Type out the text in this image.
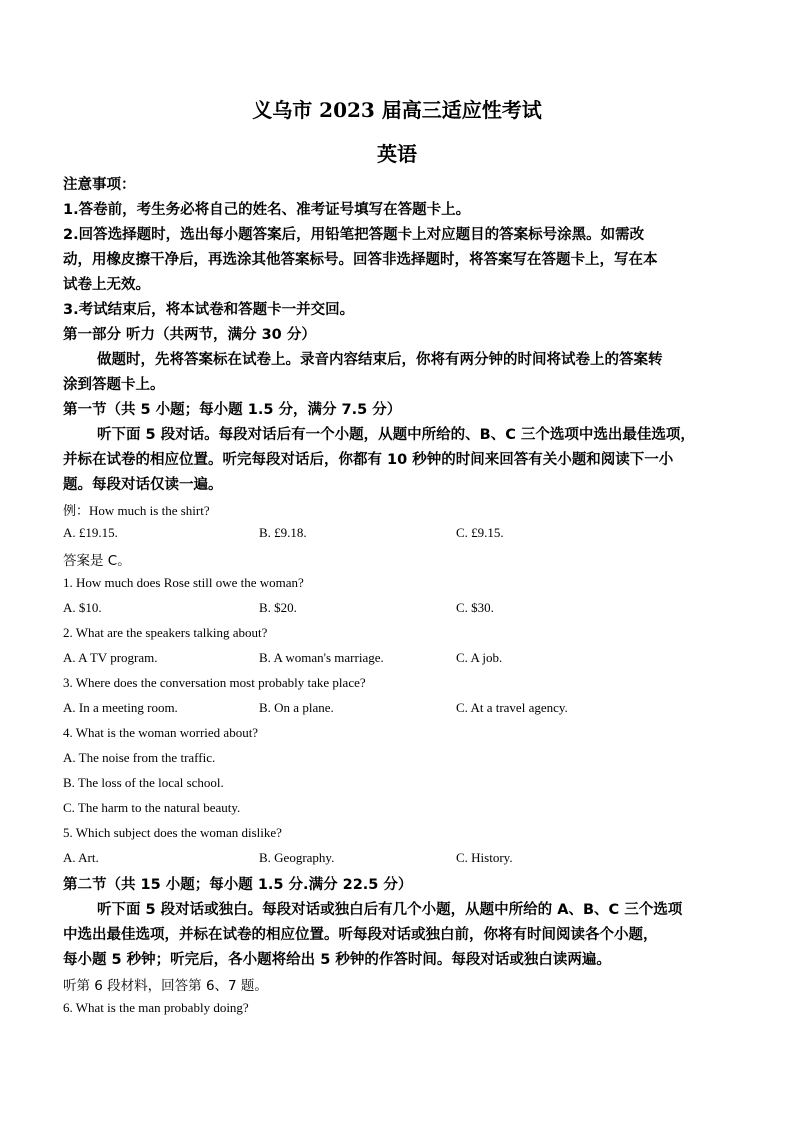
义乌市 2023 届高三适应性考试
英语
注意事项：
1.答卷前，考生务必将自己的姓名、准考证号填写在答题卡上。
2.回答选择题时，选出每小题答案后，用铅笔把答题卡上对应题目的答案标号涂黑。如需改
动，用橡皮擦干净后，再选涂其他答案标号。回答非选择题时，将答案写在答题卡上，写在本
试卷上无效。
3.考试结束后，将本试卷和答题卡一并交回。
第一部分 听力（共两节，满分 30 分）
做题时，先将答案标在试卷上。录音内容结束后，你将有两分钟的时间将试卷上的答案转
涂到答题卡上。
第一节（共 5 小题；每小题 1.5 分，满分 7.5 分）
听下面 5 段对话。每段对话后有一个小题，从题中所给的、B、C 三个选项中选出最佳选项，
并标在试卷的相应位置。听完每段对话后，你都有 10 秒钟的时间来回答有关小题和阅读下一小
题。每段对话仅读一遍。
例：How much is the shirt?
A. £19.15.	B. £9.18.	C. £9.15.
答案是 C。
1. How much does Rose still owe the woman?
A. $10.	B. $20.	C. $30.
2. What are the speakers talking about?
A. A TV program.	B. A woman's marriage.	C. A job.
3. Where does the conversation most probably take place?
A. In a meeting room.	B. On a plane.	C. At a travel agency.
4. What is the woman worried about?
A. The noise from the traffic.
B. The loss of the local school.
C. The harm to the natural beauty.
5. Which subject does the woman dislike?
A. Art.	B. Geography.	C. History.
第二节（共 15 小题；每小题 1.5 分.满分 22.5 分）
听下面 5 段对话或独白。每段对话或独白后有几个小题，从题中所给的 A、B、C 三个选项
中选出最佳选项，并标在试卷的相应位置。听每段对话或独白前，你将有时间阅读各个小题，
每小题 5 秒钟；听完后，各小题将给出 5 秒钟的作答时间。每段对话或独白读两遍。
听第 6 段材料，回答第 6、7 题。
6. What is the man probably doing?
